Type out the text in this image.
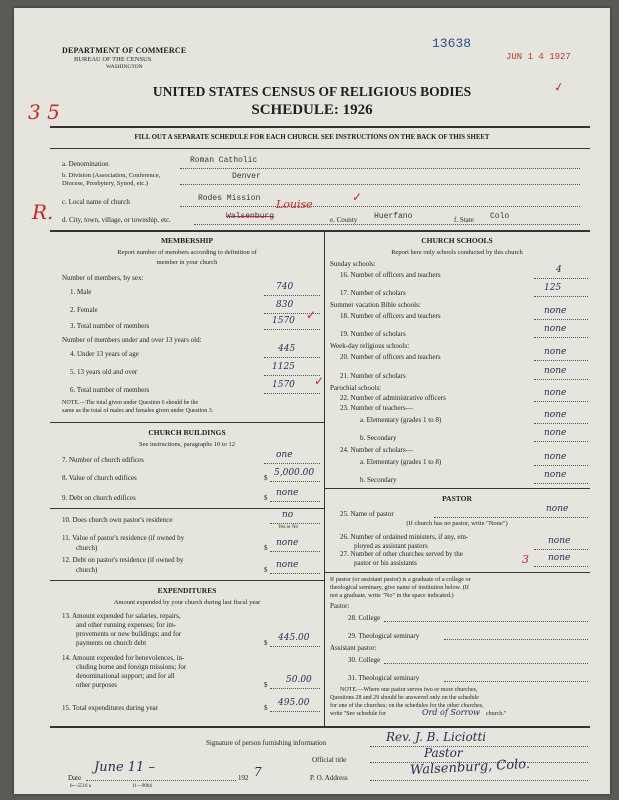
DEPARTMENT OF COMMERCE
BUREAU OF THE CENSUS
WASHINGTON
13638
JUN 1 4 1927
✓
3 5
UNITED STATES CENSUS OF RELIGIOUS BODIES
SCHEDULE: 1926
FILL OUT A SEPARATE SCHEDULE FOR EACH CHURCH. SEE INSTRUCTIONS ON THE BACK OF THIS SHEET
a. Denomination	Roman Catholic
b. Division (Association, Conference, Diocese, Presbytery, Synod, etc.)
Denver
c. Local name of church	Rodes Mission
R. d. City, town, village, or township, etc.	Walsenburg
Louise
✓
e. County Huerfano	f. State Colo
MEMBERSHIP
Report number of members according to definition of
member in your church
Number of members, by sex:
1. Male	740
2. Female	830
3. Total number of members	1570 ✓
Number of members under and over 13 years old:
4. Under 13 years of age	445
5. 13 years old and over	1125
6. Total number of members	1570 ✓
NOTE.—The total given under Question 6 should be the
same as the total of males and females given under Question 3.
CHURCH BUILDINGS
See instructions, paragraphs 10 to 12
7. Number of church edifices	one
8. Value of church edifices	$ 5,000.00
9. Debt on church edifices	$ none
10. Does church own pastor's residence	no
Yes or No
11. Value of pastor's residence (if owned by
church)	$ none
12. Debt on pastor's residence (if owned by
church)	$ none
EXPENDITURES
Amount expended by your church during last fiscal year
13. Amount expended for salaries, repairs,
and other running expenses; for im-
provements or new buildings; and for
payments on church debt	$ 445.00
14. Amount expended for benevolences, in-
cluding home and foreign missions; for
denominational support; and for all
other purposes	$ 50.00
15. Total expenditures during year	$ 495.00
CHURCH SCHOOLS
Report here only schools conducted by this church
Sunday schools:
16. Number of officers and teachers	4
17. Number of scholars	125
Summer vacation Bible schools:
18. Number of officers and teachers	none
19. Number of scholars	none
Week-day religious schools:
20. Number of officers and teachers	none
21. Number of scholars	none
Parochial schools:
22. Number of administrative officers	none
23. Number of teachers—
a. Elementary (grades 1 to 8)	none
b. Secondary	none
24. Number of scholars—
a. Elementary (grades 1 to 8)	none
b. Secondary	none
PASTOR
25. Name of pastor	none
(If church has no pastor, write "None")
26. Number of ordained ministers, if any, em-
ployed as assistant pastors	none
27. Number of other churches served by the
pastor or his assistants	3 none
If pastor (or assistant pastor) is a graduate of a college or
theological seminary, give name of institution below. (If
not a graduate, write "No" in the space indicated.)
Pastor:
28. College
29. Theological seminary
Assistant pastor:
30. College
31. Theological seminary
NOTE.—Where one pastor serves two or more churches,
Questions 28 and 29 should be answered only on the schedule
for one of the churches; on the schedules for the other churches,
write "See schedule for	Ord of Sorrow church."
Signature of person furnishing information	Rev. J. B. Liciotti
Official title	Pastor
Date
June 11 –
192 7	P. O. Address	Walsenburg, Colo.
6—5516 a	11—9004
